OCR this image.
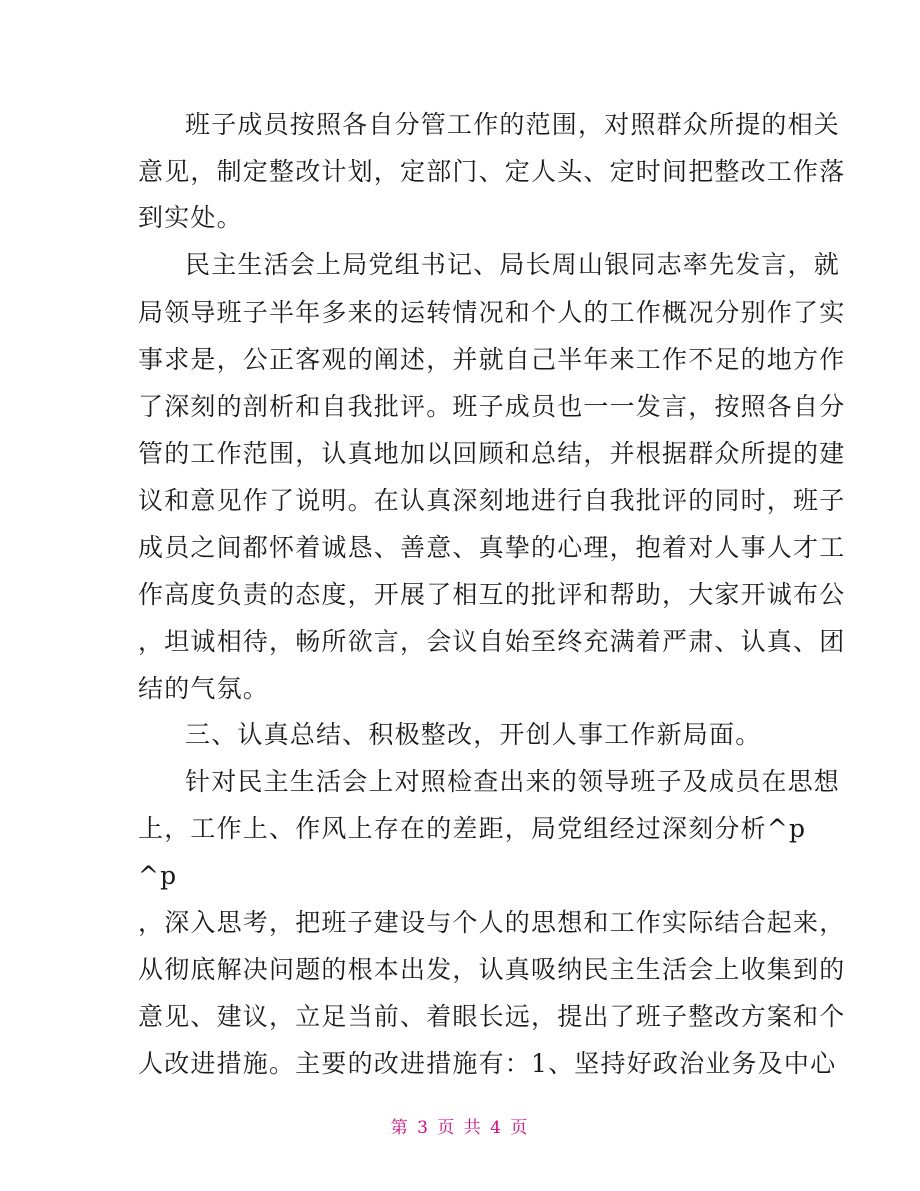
班子成员按照各自分管工作的范围，对照群众所提的相关
意见，制定整改计划，定部门、定人头、定时间把整改工作落
到实处。
民主生活会上局党组书记、局长周山银同志率先发言，就
局领导班子半年多来的运转情况和个人的工作概况分别作了实
事求是，公正客观的阐述，并就自己半年来工作不足的地方作
了深刻的剖析和自我批评。班子成员也一一发言，按照各自分
管的工作范围，认真地加以回顾和总结，并根据群众所提的建
议和意见作了说明。在认真深刻地进行自我批评的同时，班子
成员之间都怀着诚恳、善意、真挚的心理，抱着对人事人才工
作高度负责的态度，开展了相互的批评和帮助，大家开诚布公
，坦诚相待，畅所欲言，会议自始至终充满着严肃、认真、团
结的气氛。
三、认真总结、积极整改，开创人事工作新局面。
针对民主生活会上对照检查出来的领导班子及成员在思想
上，工作上、作风上存在的差距，局党组经过深刻分析^p
^p
，深入思考，把班子建设与个人的思想和工作实际结合起来，
从彻底解决问题的根本出发，认真吸纳民主生活会上收集到的
意见、建议，立足当前、着眼长远，提出了班子整改方案和个
人改进措施。主要的改进措施有：1、坚持好政治业务及中心
第 3 页 共 4 页
